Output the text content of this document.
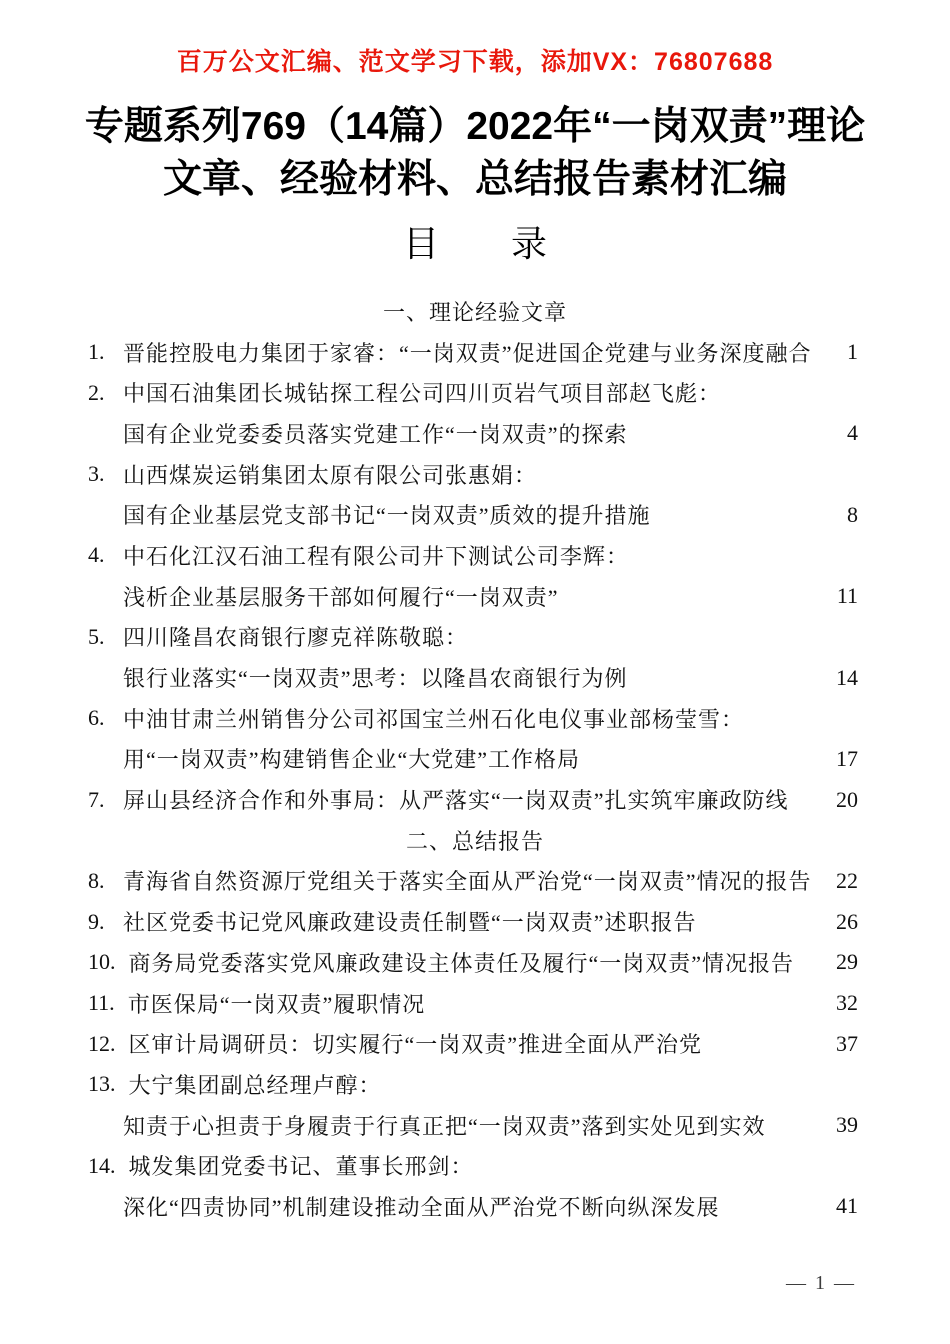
百万公文汇编、范文学习下载，添加VX：76807688
专题系列769（14篇）2022年“一岗双责”理论
文章、经验材料、总结报告素材汇编
目　　录
一、理论经验文章
1. 晋能控股电力集团于家睿：“一岗双责”促进国企党建与业务深度融合	1
2. 中国石油集团长城钻探工程公司四川页岩气项目部赵飞彪：
国有企业党委委员落实党建工作“一岗双责”的探索	4
3. 山西煤炭运销集团太原有限公司张惠娟：
国有企业基层党支部书记“一岗双责”质效的提升措施	8
4. 中石化江汉石油工程有限公司井下测试公司李辉：
浅析企业基层服务干部如何履行“一岗双责”	11
5. 四川隆昌农商银行廖克祥陈敬聪：
银行业落实“一岗双责”思考：以隆昌农商银行为例	14
6. 中油甘肃兰州销售分公司祁国宝兰州石化电仪事业部杨莹雪：
用“一岗双责”构建销售企业“大党建”工作格局	17
7. 屏山县经济合作和外事局：从严落实“一岗双责”扎实筑牢廉政防线	20
二、总结报告
8. 青海省自然资源厅党组关于落实全面从严治党“一岗双责”情况的报告	22
9. 社区党委书记党风廉政建设责任制暨“一岗双责”述职报告	26
10. 商务局党委落实党风廉政建设主体责任及履行“一岗双责”情况报告	29
11. 市医保局“一岗双责”履职情况	32
12. 区审计局调研员：切实履行“一岗双责”推进全面从严治党	37
13. 大宁集团副总经理卢醇：
知责于心担责于身履责于行真正把“一岗双责”落到实处见到实效	39
14. 城发集团党委书记、董事长邢剑：
深化“四责协同”机制建设推动全面从严治党不断向纵深发展	41
— 1 —
